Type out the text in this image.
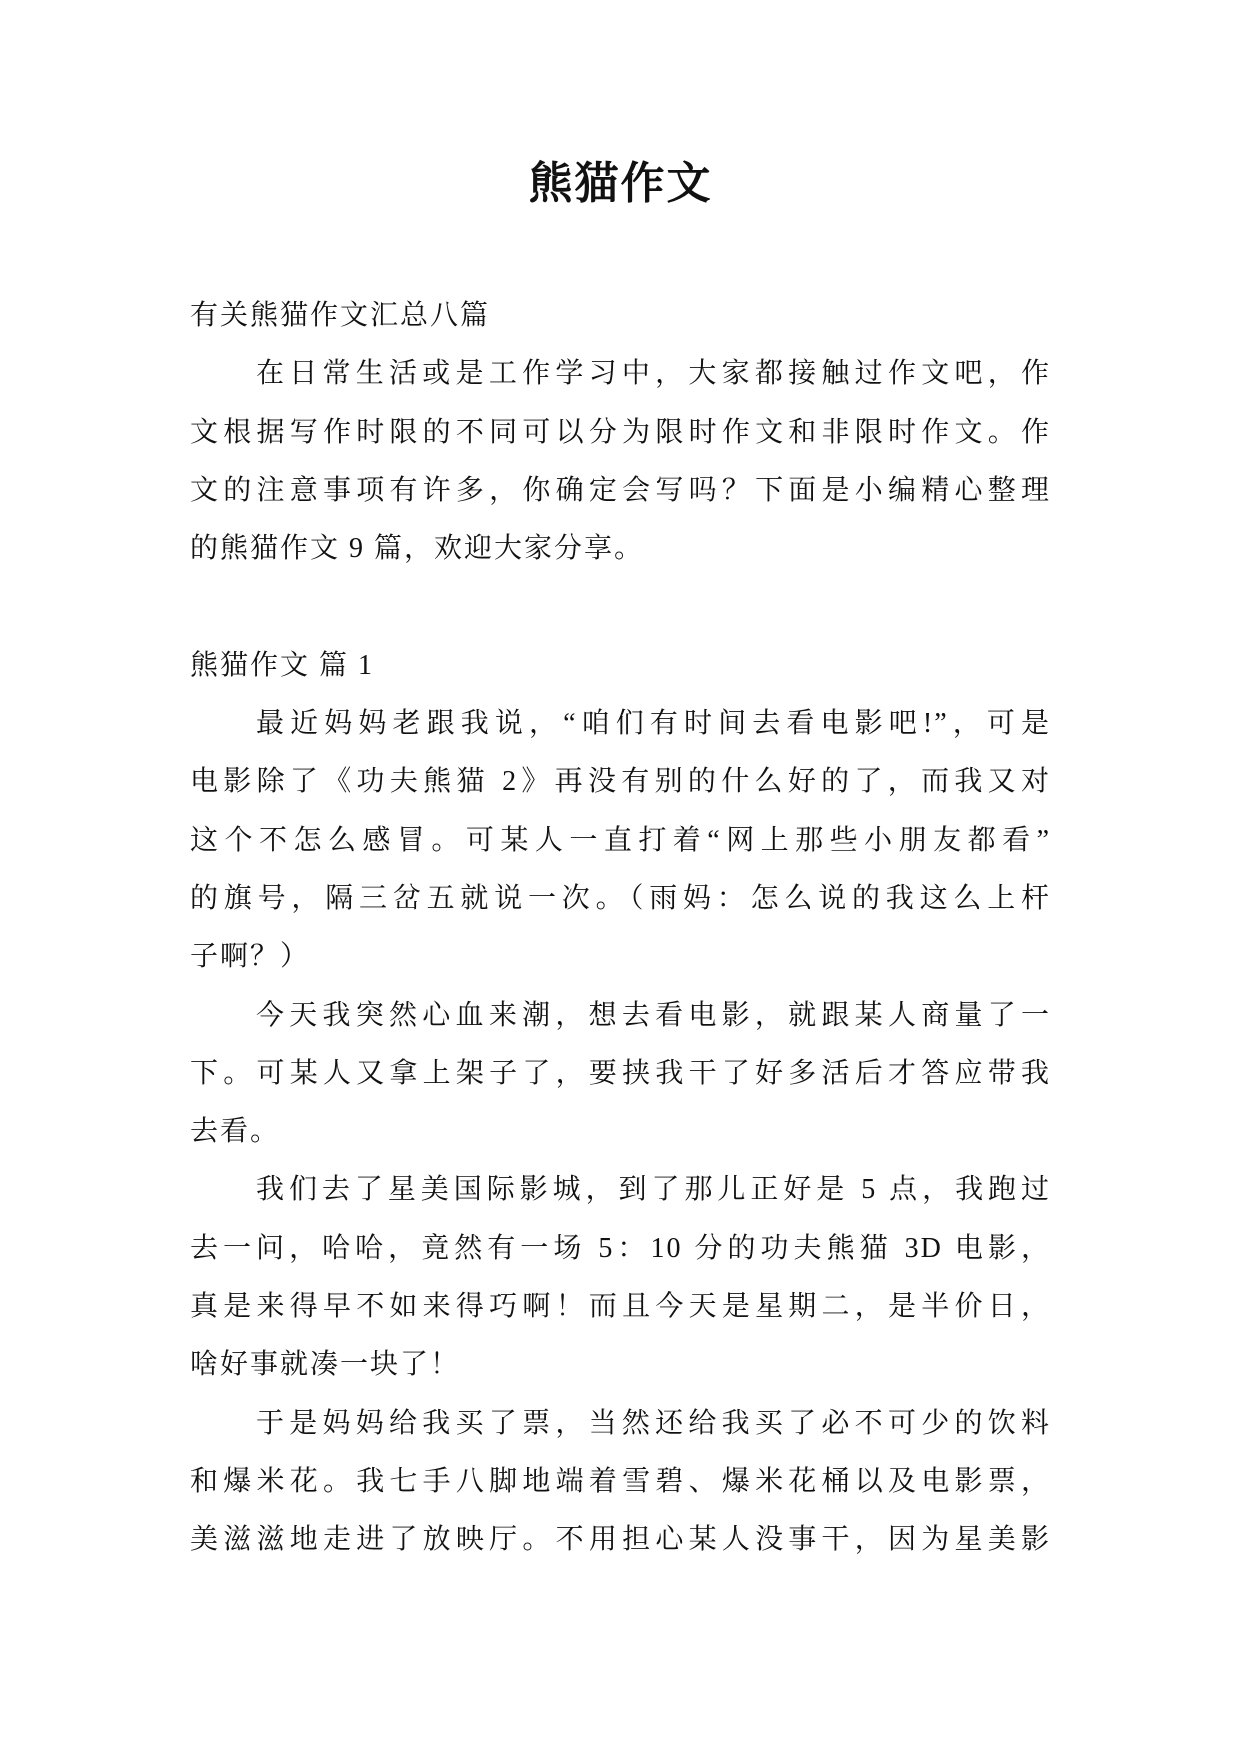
熊猫作文
有关熊猫作文汇总八篇
在日常生活或是工作学习中，大家都接触过作文吧，作
文根据写作时限的不同可以分为限时作文和非限时作文。作
文的注意事项有许多，你确定会写吗？下面是小编精心整理
的熊猫作文 9 篇，欢迎大家分享。
熊猫作文 篇 1
最近妈妈老跟我说，“咱们有时间去看电影吧!”，可是
电影除了《功夫熊猫 2》再没有别的什么好的了，而我又对
这个不怎么感冒。可某人一直打着“网上那些小朋友都看”
的旗号，隔三岔五就说一次。（雨妈：怎么说的我这么上杆
子啊？）
今天我突然心血来潮，想去看电影，就跟某人商量了一
下。可某人又拿上架子了，要挟我干了好多活后才答应带我
去看。
我们去了星美国际影城，到了那儿正好是 5 点，我跑过
去一问，哈哈，竟然有一场 5：10 分的功夫熊猫 3D 电影，
真是来得早不如来得巧啊！而且今天是星期二，是半价日，
啥好事就凑一块了！
于是妈妈给我买了票，当然还给我买了必不可少的饮料
和爆米花。我七手八脚地端着雪碧、爆米花桶以及电影票，
美滋滋地走进了放映厅。不用担心某人没事干，因为星美影
